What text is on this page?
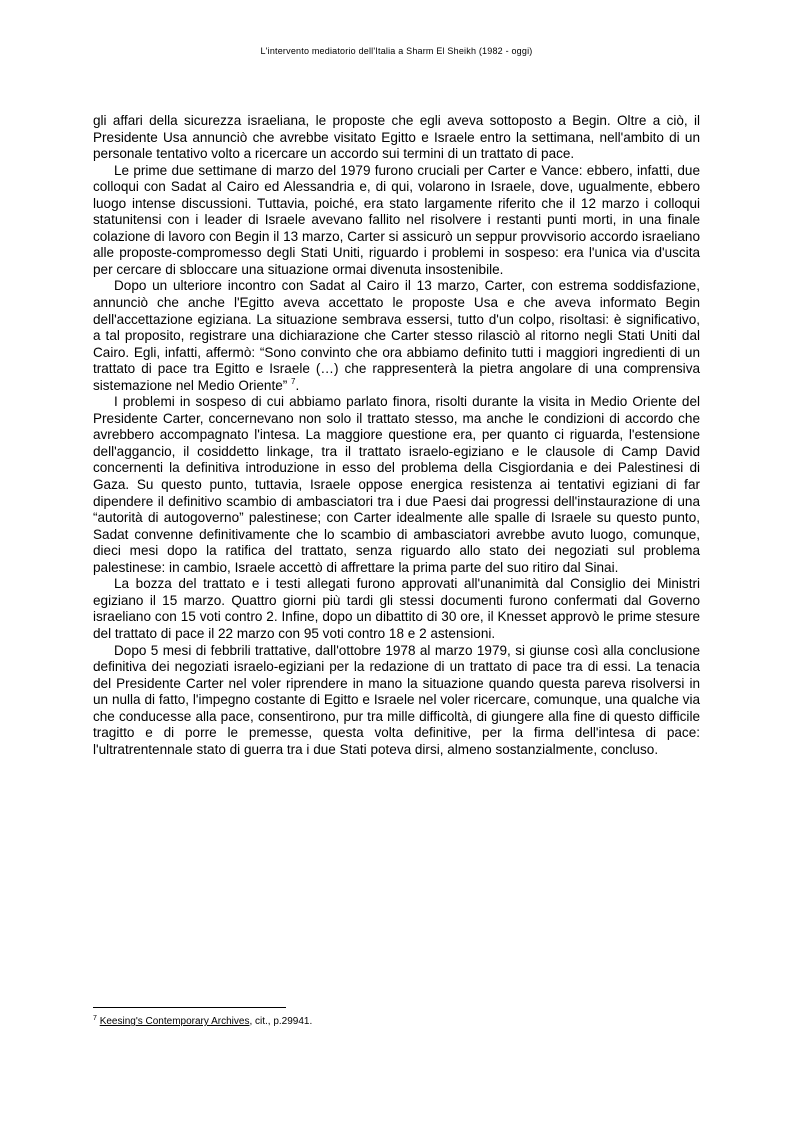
L'intervento mediatorio dell'Italia a Sharm El Sheikh (1982 - oggi)

gli affari della sicurezza israeliana, le proposte che egli aveva sottoposto a Begin. Oltre a ciò, il Presidente Usa annunciò che avrebbe visitato Egitto e Israele entro la settimana, nell'ambito di un personale tentativo volto a ricercare un accordo sui termini di un trattato di pace.

Le prime due settimane di marzo del 1979 furono cruciali per Carter e Vance: ebbero, infatti, due colloqui con Sadat al Cairo ed Alessandria e, di qui, volarono in Israele, dove, ugualmente, ebbero luogo intense discussioni. Tuttavia, poiché, era stato largamente riferito che il 12 marzo i colloqui statunitensi con i leader di Israele avevano fallito nel risolvere i restanti punti morti, in una finale colazione di lavoro con Begin il 13 marzo, Carter si assicurò un seppur provvisorio accordo israeliano alle proposte-compromesso degli Stati Uniti, riguardo i problemi in sospeso: era l'unica via d'uscita per cercare di sbloccare una situazione ormai divenuta insostenibile.

Dopo un ulteriore incontro con Sadat al Cairo il 13 marzo, Carter, con estrema soddisfazione, annunciò che anche l'Egitto aveva accettato le proposte Usa e che aveva informato Begin dell'accettazione egiziana. La situazione sembrava essersi, tutto d'un colpo, risoltasi: è significativo, a tal proposito, registrare una dichiarazione che Carter stesso rilasciò al ritorno negli Stati Uniti dal Cairo. Egli, infatti, affermò: “Sono convinto che ora abbiamo definito tutti i maggiori ingredienti di un trattato di pace tra Egitto e Israele (…) che rappresenterà la pietra angolare di una comprensiva sistemazione nel Medio Oriente” $^7$.

I problemi in sospeso di cui abbiamo parlato finora, risolti durante la visita in Medio Oriente del Presidente Carter, concernevano non solo il trattato stesso, ma anche le condizioni di accordo che avrebbero accompagnato l'intesa. La maggiore questione era, per quanto ci riguarda, l'estensione dell'aggancio, il cosiddetto linkage, tra il trattato israelo-egiziano e le clausole di Camp David concernenti la definitiva introduzione in esso del problema della Cisgiordania e dei Palestinesi di Gaza. Su questo punto, tuttavia, Israele oppose energica resistenza ai tentativi egiziani di far dipendere il definitivo scambio di ambasciatori tra i due Paesi dai progressi dell'instaurazione di una “autorità di autogoverno” palestinese; con Carter idealmente alle spalle di Israele su questo punto, Sadat convenne definitivamente che lo scambio di ambasciatori avrebbe avuto luogo, comunque, dieci mesi dopo la ratifica del trattato, senza riguardo allo stato dei negoziati sul problema palestinese: in cambio, Israele accettò di affrettare la prima parte del suo ritiro dal Sinai.

La bozza del trattato e i testi allegati furono approvati all'unanimità dal Consiglio dei Ministri egiziano il 15 marzo. Quattro giorni più tardi gli stessi documenti furono confermati dal Governo israeliano con 15 voti contro 2. Infine, dopo un dibattito di 30 ore, il Knesset approvò le prime stesure del trattato di pace il 22 marzo con 95 voti contro 18 e 2 astensioni.

Dopo 5 mesi di febbrili trattative, dall'ottobre 1978 al marzo 1979, si giunse così alla conclusione definitiva dei negoziati israelo-egiziani per la redazione di un trattato di pace tra di essi. La tenacia del Presidente Carter nel voler riprendere in mano la situazione quando questa pareva risolversi in un nulla di fatto, l'impegno costante di Egitto e Israele nel voler ricercare, comunque, una qualche via che conducesse alla pace, consentirono, pur tra mille difficoltà, di giungere alla fine di questo difficile tragitto e di porre le premesse, questa volta definitive, per la firma dell'intesa di pace: l'ultratrentennale stato di guerra tra i due Stati poteva dirsi, almeno sostanzialmente, concluso.

$^7$ Keesing's Contemporary Archives, cit., p.29941.
